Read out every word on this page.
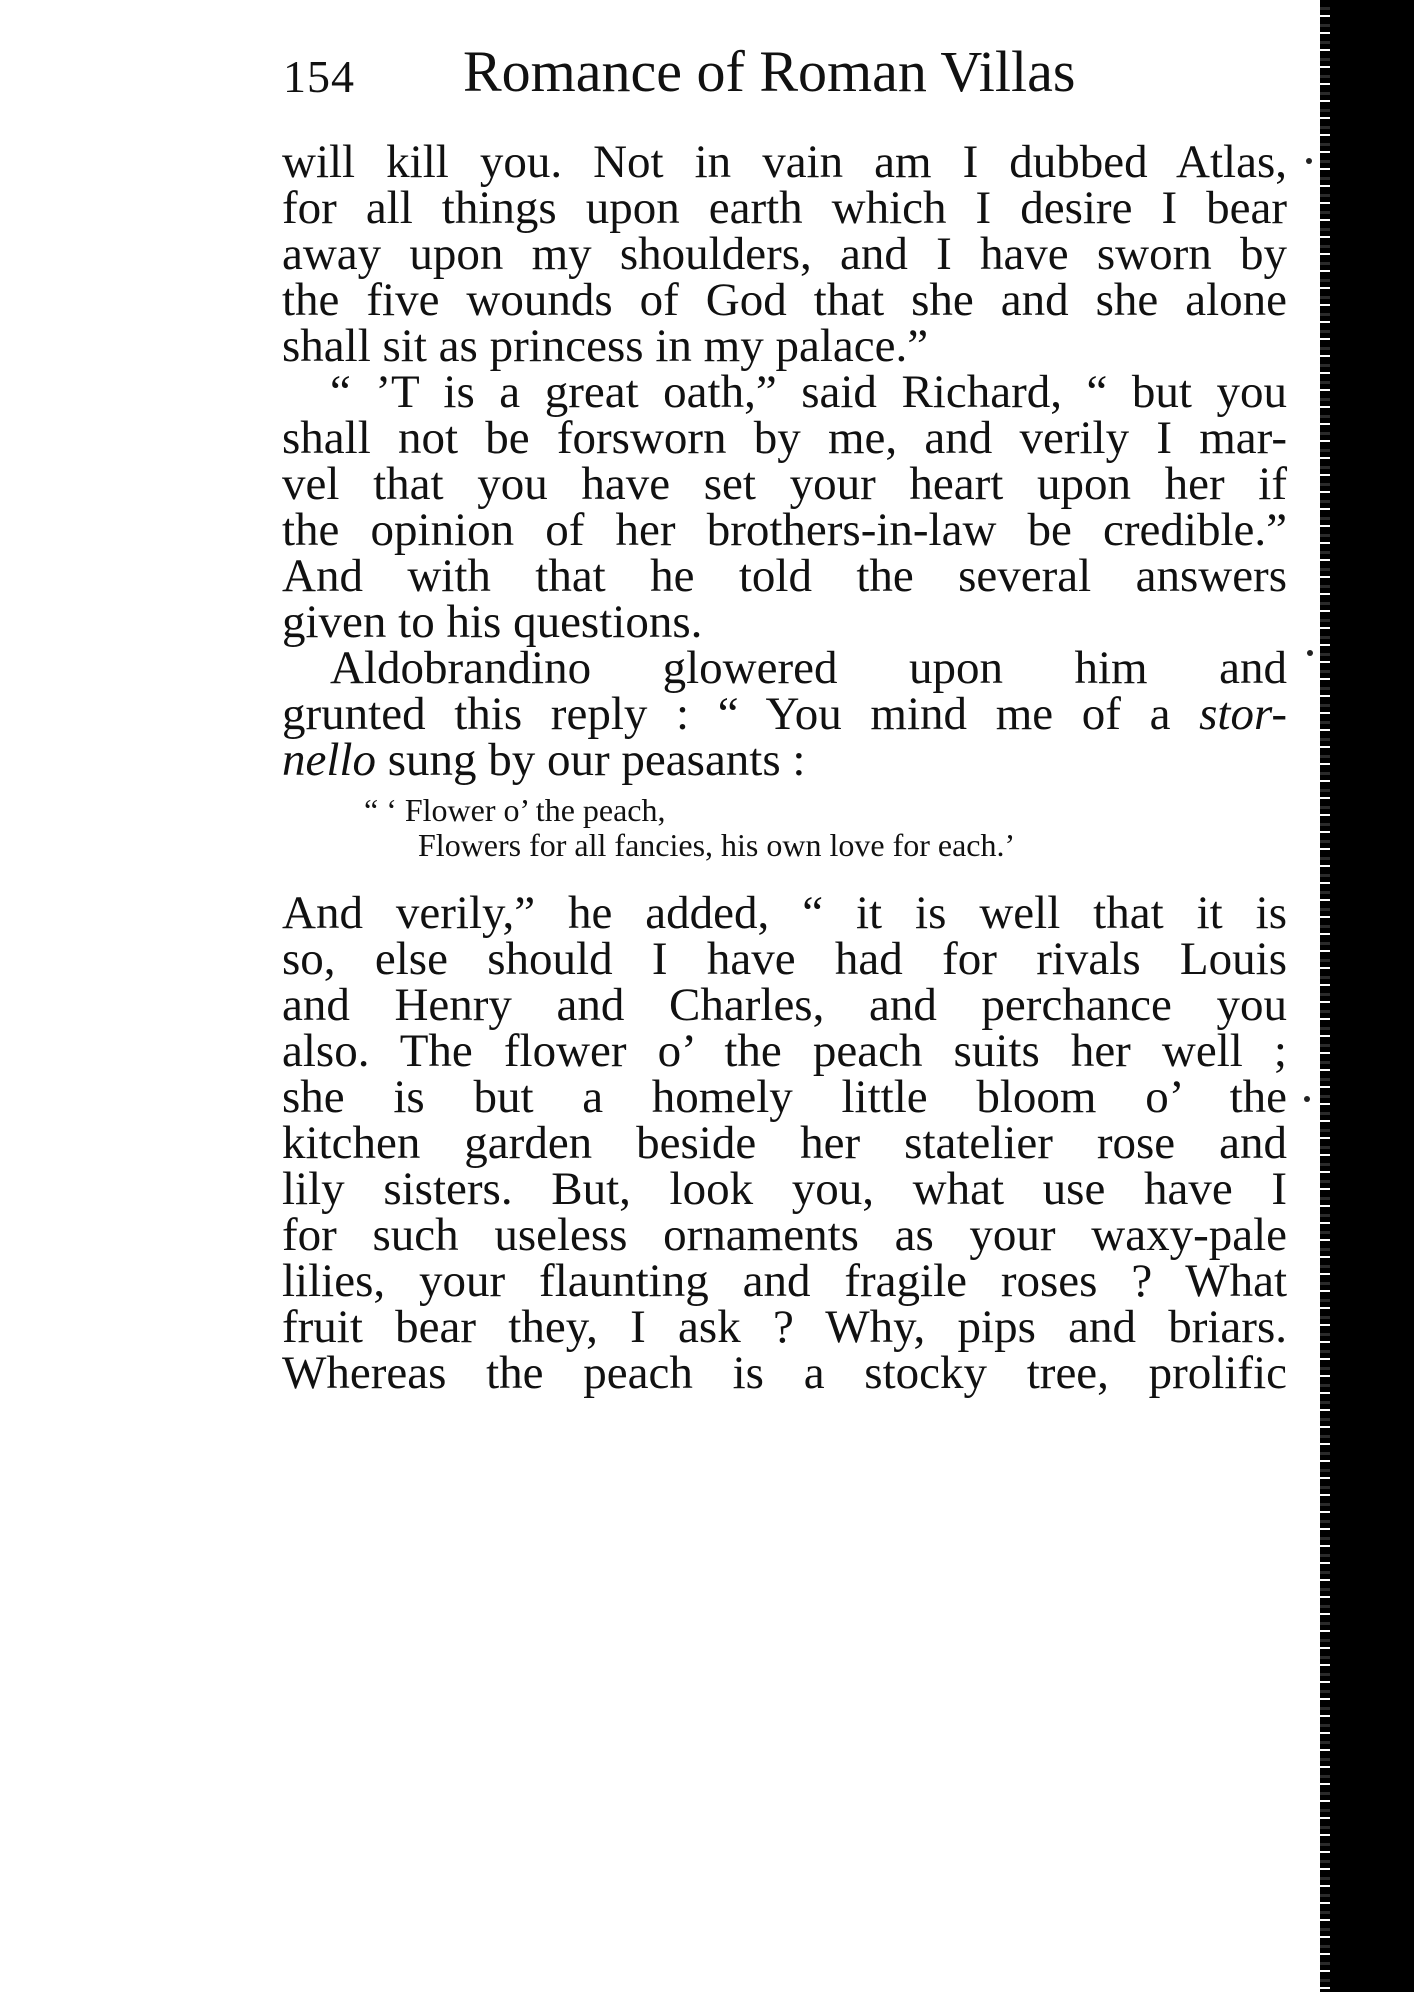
154 Romance of Roman Villas
will kill you. Not in vain am I dubbed Atlas,
for all things upon earth which I desire I bear
away upon my shoulders, and I have sworn by
the five wounds of God that she and she alone
shall sit as princess in my palace.”
“ ’T is a great oath,” said Richard, “ but you
shall not be forsworn by me, and verily I mar-
vel that you have set your heart upon her if
the opinion of her brothers-in-law be credible.”
And with that he told the several answers
given to his questions.
Aldobrandino glowered upon him and
grunted this reply : “ You mind me of a stor-
nello sung by our peasants :
“ ‘ Flower o’ the peach,
Flowers for all fancies, his own love for each.’
And verily,” he added, “ it is well that it is
so, else should I have had for rivals Louis
and Henry and Charles, and perchance you
also. The flower o’ the peach suits her well ;
she is but a homely little bloom o’ the
kitchen garden beside her statelier rose and
lily sisters. But, look you, what use have I
for such useless ornaments as your waxy-pale
lilies, your flaunting and fragile roses ? What
fruit bear they, I ask ? Why, pips and briars.
Whereas the peach is a stocky tree, prolific
